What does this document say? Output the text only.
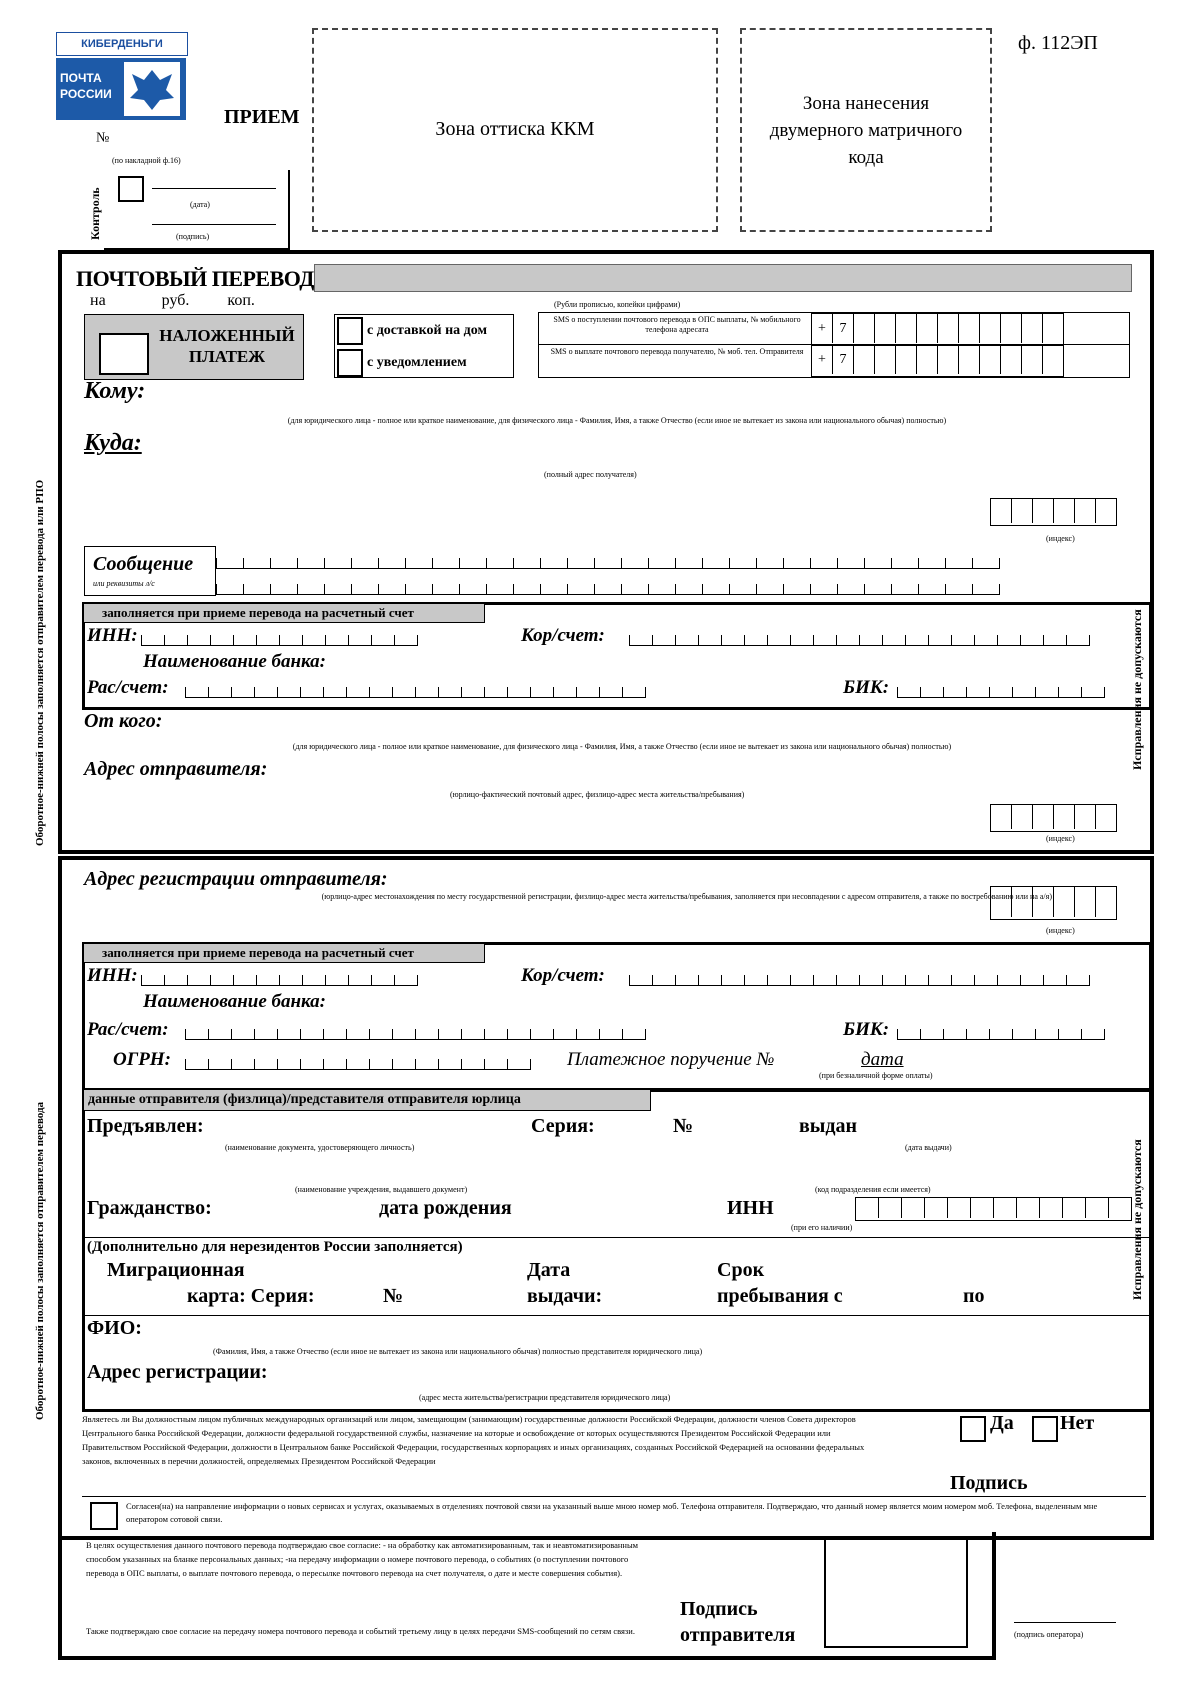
КИБЕРДЕНЬГИ
ПОЧТА
РОССИИ
ПРИЕМ
№
(по накладной ф.16)
(дата)
(подпись)
Контроль
Зона оттиска ККМ
Зона нанесения двумерного матричного кода
ф. 112ЭП
Оборотное-нижней полосы заполняется отправителем перевода или РПО
Оборотное-нижней полосы заполняется отправителем перевода
Исправления не допускаются
Исправления не допускаются
ПОЧТОВЫЙ ПЕРЕВОД
на	руб. коп.	(Рубли прописью, копейки цифрами)
НАЛОЖЕННЫЙ ПЛАТЕЖ
с доставкой на дом
с уведомлением
SMS о поступлении почтового перевода в ОПС выплаты, № мобильного телефона адресата
SMS о выплате почтового перевода получателю, № моб. тел. Отправителя
+ 7
+ 7
Кому:
(для юридического лица - полное или краткое наименование, для физического лица - Фамилия, Имя, а также Отчество (если иное не вытекает из закона или национального обычая) полностью)
Куда:
(полный адрес получателя)
(индекс)
Сообщение
или реквизиты л/с
заполняется при приеме перевода на расчетный счет
ИНН:	Кор/счет:
Наименование банка:
Рас/счет:	БИК:
От кого:
(для юридического лица - полное или краткое наименование, для физического лица - Фамилия, Имя, а также Отчество (если иное не вытекает из закона или национального обычая) полностью)
Адрес отправителя:
(юрлицо-фактический почтовый адрес, физлицо-адрес места жительства/пребывания)
(индекс)
Адрес регистрации отправителя:
(юрлицо-адрес местонахождения по месту государственной регистрации, физлицо-адрес места жительства/пребывания, заполняется при несовпадении с адресом отправителя, а также по востребованию или на а/я)
(индекс)
заполняется при приеме перевода на расчетный счет
ИНН:	Кор/счет:
Наименование банка:
Рас/счет:	БИК:
ОГРН:	Платежное поручение №	дата
(при безналичной форме оплаты)
данные отправителя (физлица)/представителя отправителя юрлица
Предъявлен:	Серия:	№	выдан
(наименование документа, удостоверяющего личность)	(дата выдачи)
(наименование учреждения, выдавшего документ)	(код подразделения если имеется)
Гражданство:	дата рождения	ИНН
(при его наличии)
(Дополнительно для нерезидентов России заполняется)
Миграционная
карта: Серия:	№
Дата
выдачи:
Срок
пребывания с	по
ФИО:
(Фамилия, Имя, а также Отчество (если иное не вытекает из закона или национального обычая) полностью представителя юридического лица)
Адрес регистрации:
(адрес места жительства/регистрации представителя юридического лица)
Являетесь ли Вы должностным лицом публичных международных организаций или лицом, замещающим (занимающим) государственные должности Российской Федерации, должности членов Совета директоров Центрального банка Российской Федерации, должности федеральной государственной службы, назначение на которые и освобождение от которых осуществляются Президентом Российской Федерации или Правительством Российской Федерации, должности в Центральном банке Российской Федерации, государственных корпорациях и иных организациях, созданных Российской Федерацией на основании федеральных законов, включенных в перечни должностей, определяемых Президентом Российской Федерации
Да Нет
Подпись
Согласен(на) на направление информации о новых сервисах и услугах, оказываемых в отделениях почтовой связи на указанный выше мною номер моб. Телефона отправителя. Подтверждаю, что данный номер является моим номером моб. Телефона, выделенным мне оператором сотовой связи.
В целях осуществления данного почтового перевода подтверждаю свое согласие: - на обработку как автоматизированным, так и неавтоматизированным способом указанных на бланке персональных данных; -на передачу информации о номере почтового перевода, о событиях (о поступлении почтового перевода в ОПС выплаты, о выплате почтового перевода, о пересылке почтового перевода на счет получателя, о дате и месте совершения события).
Также подтверждаю свое согласие на передачу номера почтового перевода и событий третьему лицу в целях передачи SMS-сообщений по сетям связи.
Подпись
отправителя	(подпись оператора)
